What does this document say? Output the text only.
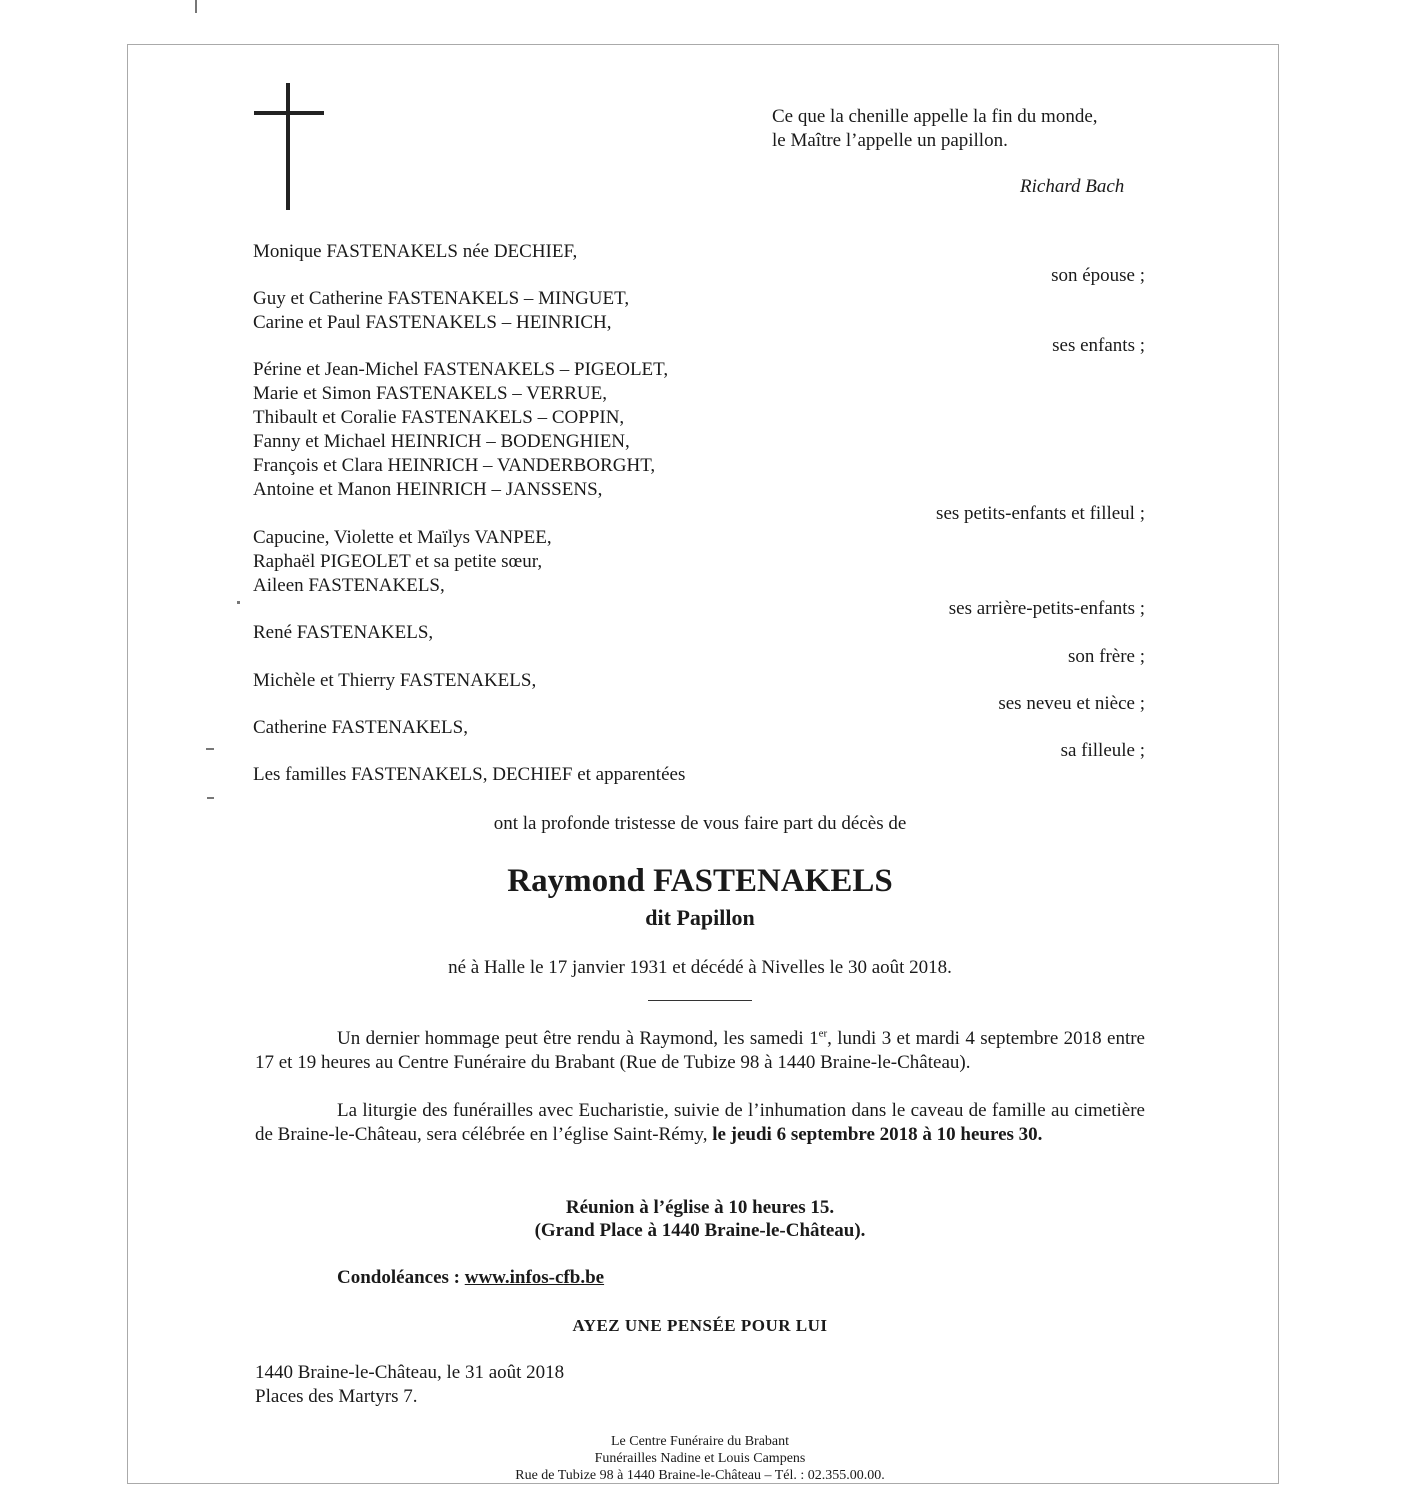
Ce que la chenille appelle la fin du monde,
le Maître l’appelle un papillon.
Richard Bach
Monique FASTENAKELS née DECHIEF,
son épouse ;
Guy et Catherine FASTENAKELS – MINGUET,
Carine et Paul FASTENAKELS – HEINRICH,
ses enfants ;
Périne et Jean-Michel FASTENAKELS – PIGEOLET,
Marie et Simon FASTENAKELS – VERRUE,
Thibault et Coralie FASTENAKELS – COPPIN,
Fanny et Michael HEINRICH – BODENGHIEN,
François et Clara HEINRICH – VANDERBORGHT,
Antoine et Manon HEINRICH – JANSSENS,
ses petits-enfants et filleul ;
Capucine, Violette et Maïlys VANPEE,
Raphaël PIGEOLET et sa petite sœur,
Aileen FASTENAKELS,
ses arrière-petits-enfants ;
René FASTENAKELS,
son frère ;
Michèle et Thierry FASTENAKELS,
ses neveu et nièce ;
Catherine FASTENAKELS,
sa filleule ;
Les familles FASTENAKELS, DECHIEF et apparentées
ont la profonde tristesse de vous faire part du décès de
Raymond FASTENAKELS
dit Papillon
né à Halle le 17 janvier 1931 et décédé à Nivelles le 30 août 2018.
Un dernier hommage peut être rendu à Raymond, les samedi 1er, lundi 3 et mardi 4 septembre 2018 entre 17 et 19 heures au Centre Funéraire du Brabant (Rue de Tubize 98 à 1440 Braine-le-Château).
La liturgie des funérailles avec Eucharistie, suivie de l’inhumation dans le caveau de famille au cimetière de Braine-le-Château, sera célébrée en l’église Saint-Rémy, le jeudi 6 septembre 2018 à 10 heures 30.
Réunion à l’église à 10 heures 15.
(Grand Place à 1440 Braine-le-Château).
Condoléances : www.infos-cfb.be
AYEZ UNE PENSÉE POUR LUI
1440 Braine-le-Château, le 31 août 2018
Places des Martyrs 7.
Le Centre Funéraire du Brabant
Funérailles Nadine et Louis Campens
Rue de Tubize 98 à 1440 Braine-le-Château – Tél. : 02.355.00.00.
